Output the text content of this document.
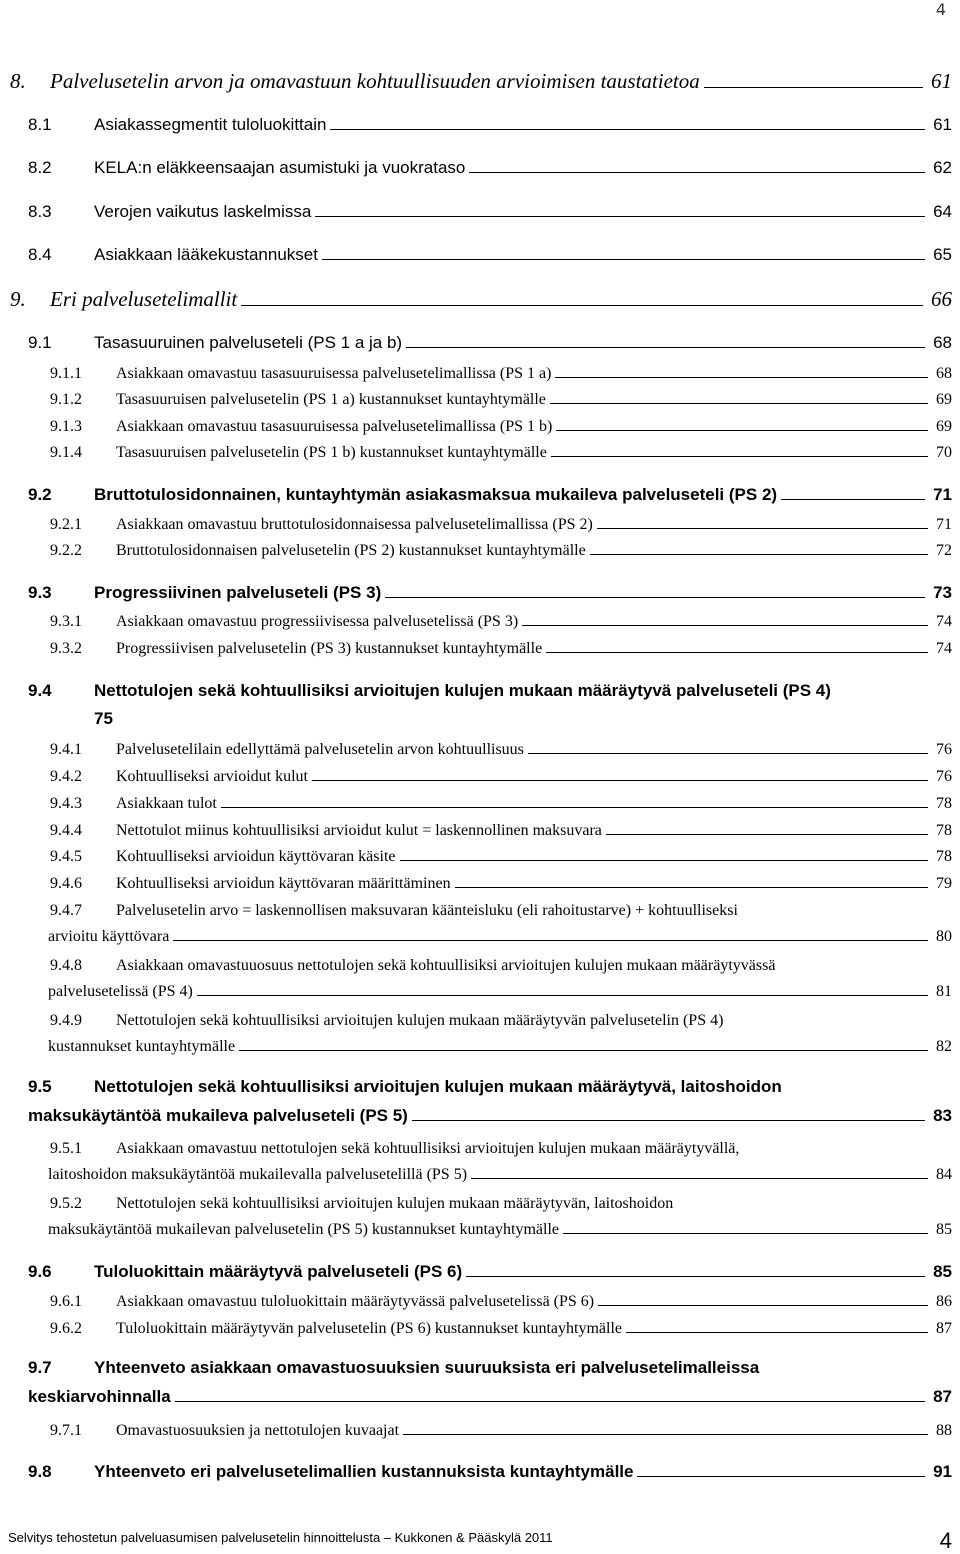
4
8.	Palvelusetelin arvon ja omavastuun kohtuullisuuden arvioimisen taustatietoa	61
8.1	Asiakassegmentit tuloluokittain	61
8.2	KELA:n eläkkeensaajan asumistuki ja vuokrataso	62
8.3	Verojen vaikutus laskelmissa	64
8.4	Asiakkaan lääkekustannukset	65
9.	Eri palvelusetelimallit	66
9.1	Tasasuuruinen palveluseteli (PS 1 a ja b)	68
9.1.1	Asiakkaan omavastuu tasasuuruisessa palvelusetelimallissa (PS 1 a)	68
9.1.2	Tasasuuruisen palvelusetelin (PS 1 a) kustannukset kuntayhtymälle	69
9.1.3	Asiakkaan omavastuu tasasuuruisessa palvelusetelimallissa (PS 1 b)	69
9.1.4	Tasasuuruisen palvelusetelin (PS 1 b) kustannukset kuntayhtymälle	70
9.2	Bruttotulosidonnainen, kuntayhtymän asiakasmaksua mukaileva palveluseteli (PS 2)	71
9.2.1	Asiakkaan omavastuu bruttotulosidonnaisessa palvelusetelimallissa (PS 2)	71
9.2.2	Bruttotulosidonnaisen palvelusetelin (PS 2) kustannukset kuntayhtymälle	72
9.3	Progressiivinen palveluseteli (PS 3)	73
9.3.1	Asiakkaan omavastuu progressiivisessa palvelusetelissä (PS 3)	74
9.3.2	Progressiivisen palvelusetelin (PS 3) kustannukset kuntayhtymälle	74
9.4	Nettotulojen sekä kohtuullisiksi arvioitujen kulujen mukaan määräytyvä palveluseteli (PS 4)
75
9.4.1	Palvelusetelilain edellyttämä palvelusetelin arvon kohtuullisuus	76
9.4.2	Kohtuulliseksi arvioidut kulut	76
9.4.3	Asiakkaan tulot	78
9.4.4	Nettotulot miinus kohtuullisiksi arvioidut kulut = laskennollinen maksuvara	78
9.4.5	Kohtuulliseksi arvioidun käyttövaran käsite	78
9.4.6	Kohtuulliseksi arvioidun käyttövaran määrittäminen	79
9.4.7	Palvelusetelin arvo = laskennollisen maksuvaran käänteisluku (eli rahoitustarve) + kohtuulliseksi
arvioitu käyttövara	80
9.4.8	Asiakkaan omavastuuosuus nettotulojen sekä kohtuullisiksi arvioitujen kulujen mukaan määräytyvässä
palvelusetelissä (PS 4)	81
9.4.9	Nettotulojen sekä kohtuullisiksi arvioitujen kulujen mukaan määräytyvän palvelusetelin (PS 4)
kustannukset kuntayhtymälle	82
9.5	Nettotulojen sekä kohtuullisiksi arvioitujen kulujen mukaan määräytyvä, laitoshoidon
maksukäytäntöä mukaileva palveluseteli (PS 5)	83
9.5.1	Asiakkaan omavastuu nettotulojen sekä kohtuullisiksi arvioitujen kulujen mukaan määräytyvällä,
laitoshoidon maksukäytäntöä mukailevalla palvelusetelillä (PS 5)	84
9.5.2	Nettotulojen sekä kohtuullisiksi arvioitujen kulujen mukaan määräytyvän, laitoshoidon
maksukäytäntöä mukailevan palvelusetelin (PS 5) kustannukset kuntayhtymälle	85
9.6	Tuloluokittain määräytyvä palveluseteli (PS 6)	85
9.6.1	Asiakkaan omavastuu tuloluokittain määräytyvässä palvelusetelissä (PS 6)	86
9.6.2	Tuloluokittain määräytyvän palvelusetelin (PS 6) kustannukset kuntayhtymälle	87
9.7	Yhteenveto asiakkaan omavastuosuuksien suuruuksista eri palvelusetelimalleissa
keskiarvohinnalla	87
9.7.1	Omavastuosuuksien ja nettotulojen kuvaajat	88
9.8	Yhteenveto eri palvelusetelimallien kustannuksista kuntayhtymälle	91
Selvitys tehostetun palveluasumisen palvelusetelin hinnoittelusta – Kukkonen & Pääskylä 2011	4
